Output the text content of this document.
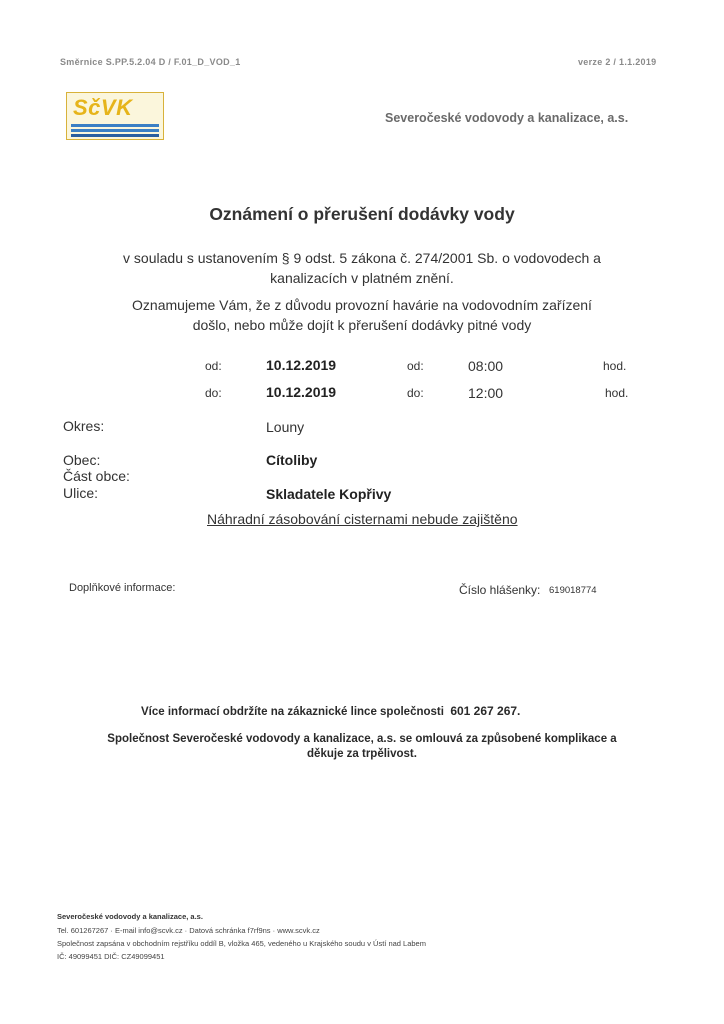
Směrnice S.PP.5.2.04 D / F.01_D_VOD_1	verze 2 / 1.1.2019
SčVK	Severočeské vodovody a kanalizace, a.s.
Oznámení o přerušení dodávky vody
v souladu s ustanovením § 9 odst. 5 zákona č. 274/2001 Sb. o vodovodech a
kanalizacích v platném znění.
Oznamujeme Vám, že z důvodu provozní havárie na vodovodním zařízení
došlo, nebo může dojít k přerušení dodávky pitné vody
od:	10.12.2019	od:	08:00	hod.
do:	10.12.2019	do:	12:00	hod.
Okres:	Louny
Obec:	Cítoliby
Část obce:
Ulice:	Skladatele Kopřivy
Náhradní zásobování cisternami nebude zajištěno
Doplňkové informace:	Číslo hlášenky: 619018774
Více informací obdržíte na zákaznické lince společnosti 601 267 267.
Společnost Severočeské vodovody a kanalizace, a.s. se omlouvá za způsobené komplikace a
děkuje za trpělivost.
Severočeské vodovody a kanalizace, a.s.
Tel. 601267267 · E-mail info@scvk.cz · Datová schránka f7rf9ns · www.scvk.cz
Společnost zapsána v obchodním rejstříku oddíl B, vložka 465, vedeného u Krajského soudu v Ústí nad Labem
IČ: 49099451 DIČ: CZ49099451
